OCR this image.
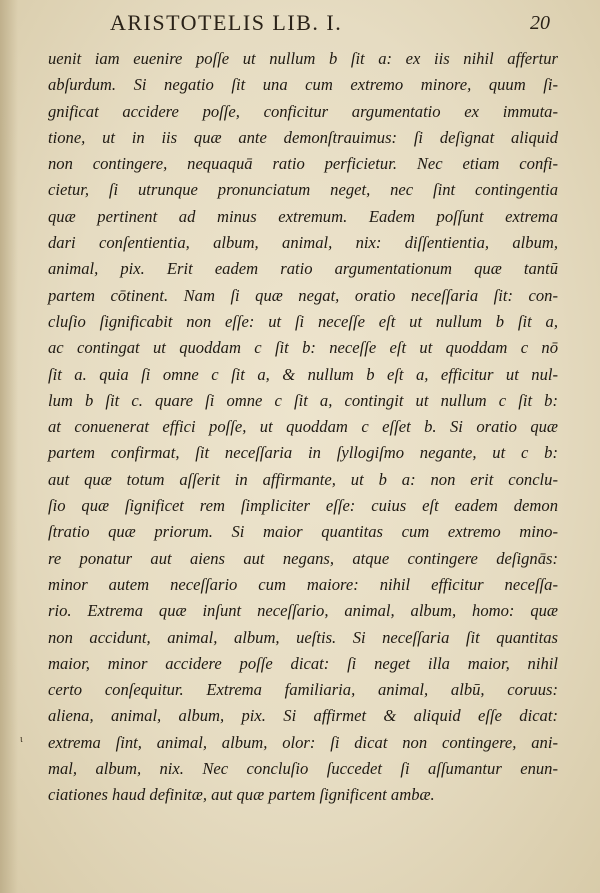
ARISTOTELIS LIB. I.	20
uenit iam euenire poſſe ut nullum b ſit a: ex iis nihil affertur
abſurdum. Si negatio ſit una cum extremo minore, quum ſi-
gnificat accidere poſſe, conficitur argumentatio ex immuta-
tione, ut in iis quæ ante demonſtrauimus: ſi deſignat aliquid
non contingere, nequaquā ratio perficietur. Nec etiam confi-
cietur, ſi utrunque pronunciatum neget, nec ſint contingentia
quæ pertinent ad minus extremum. Eadem poſſunt extrema
dari conſentientia, album, animal, nix: diſſentientia, album,
animal, pix. Erit eadem ratio argumentationum quæ tantū
partem cōtinent. Nam ſi quæ negat, oratio neceſſaria ſit: con-
cluſio ſignificabit non eſſe: ut ſi neceſſe eſt ut nullum b ſit a,
ac contingat ut quoddam c ſit b: neceſſe eſt ut quoddam c nō
ſit a. quia ſi omne c ſit a, & nullum b eſt a, efficitur ut nul-
lum b ſit c. quare ſi omne c ſit a, contingit ut nullum c ſit b:
at conuenerat effici poſſe, ut quoddam c eſſet b. Si oratio quæ
partem confirmat, ſit neceſſaria in ſyllogiſmo negante, ut c b:
aut quæ totum aſſerit in affirmante, ut b a: non erit conclu-
ſio quæ ſignificet rem ſimpliciter eſſe: cuius eſt eadem demon
ſtratio quæ priorum. Si maior quantitas cum extremo mino-
re ponatur aut aiens aut negans, atque contingere deſignās:
minor autem neceſſario cum maiore: nihil efficitur neceſſa-
rio. Extrema quæ inſunt neceſſario, animal, album, homo: quæ
non accidunt, animal, album, ueſtis. Si neceſſaria ſit quantitas
maior, minor accidere poſſe dicat: ſi neget illa maior, nihil
certo conſequitur. Extrema familiaria, animal, albū, coruus:
aliena, animal, album, pix. Si affirmet & aliquid eſſe dicat:
extrema ſint, animal, album, olor: ſi dicat non contingere, ani-
mal, album, nix. Nec concluſio ſuccedet ſi aſſumantur enun-
ciationes haud definitæ, aut quæ partem ſignificent ambæ.
ɩ
